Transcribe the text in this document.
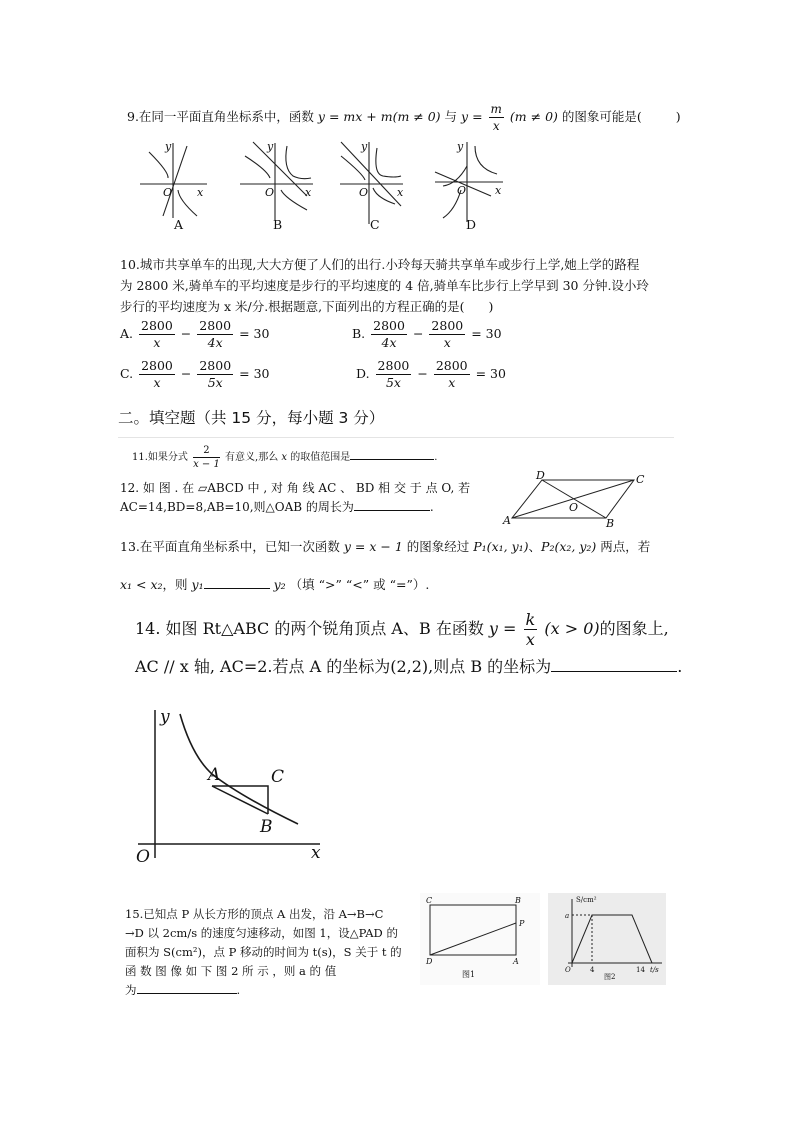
9.在同一平面直角坐标系中，函数 y = mx + m(m ≠ 0) 与 $y = \frac{m}{x} (m \ne 0)$ 的图象可能是(	)
y
x
O
y
x
O
y
x
O
y
x
O
A	B	C	D
10.城市共享单车的出现,大大方便了人们的出行.小玲每天骑共享单车或步行上学,她上学的路程
为 2800 米,骑单车的平均速度是步行的平均速度的 4 倍,骑单车比步行上学早到 30 分钟.设小玲
步行的平均速度为 x 米/分.根据题意,下面列出的方程正确的是( )
A. $\frac{2800}{x} - \frac{2800}{4x} = 30$	B. $\frac{2800}{4x} - \frac{2800}{x} = 30$
C. $\frac{2800}{x} - \frac{2800}{5x} = 30$	D. $\frac{2800}{5x} - \frac{2800}{x} = 30$
二。填空题（共 15 分，每小题 3 分）
11.如果分式 $\frac{2}{x - 1}$ 有意义,那么 x 的取值范围是	.
12. 如 图 . 在 ▱ABCD 中 , 对 角 线 AC 、 BD 相 交 于 点 O, 若
AC=14,BD=8,AB=10,则△OAB 的周长为	.
D	C
A	B
O
13.在平面直角坐标系中，已知一次函数 y = x − 1 的图象经过 P₁(x₁, y₁)、P₂(x₂, y₂) 两点，若
x₁ < x₂，则 y₁	y₂ （填 “>” “<” 或 “=”）.
14. 如图 Rt△ABC 的两个锐角顶点 A、B 在函数 $y = \frac{k}{x} (x > 0)$的图象上,
AC // x 轴, AC=2.若点 A 的坐标为(2,2),则点 B 的坐标为	.
y
x
O
A	C
B
15.已知点 P 从长方形的顶点 A 出发，沿 A→B→C
→D 以 2cm/s 的速度匀速移动，如图 1，设△PAD 的
面积为 S(cm²)，点 P 移动的时间为 t(s)，S 关于 t 的
函 数 图 像 如 下 图 2 所 示 ，则 a 的 值
为	.
C	B
P
D	A
图1
S/cm²
a
O	4	14 t/s
图2
